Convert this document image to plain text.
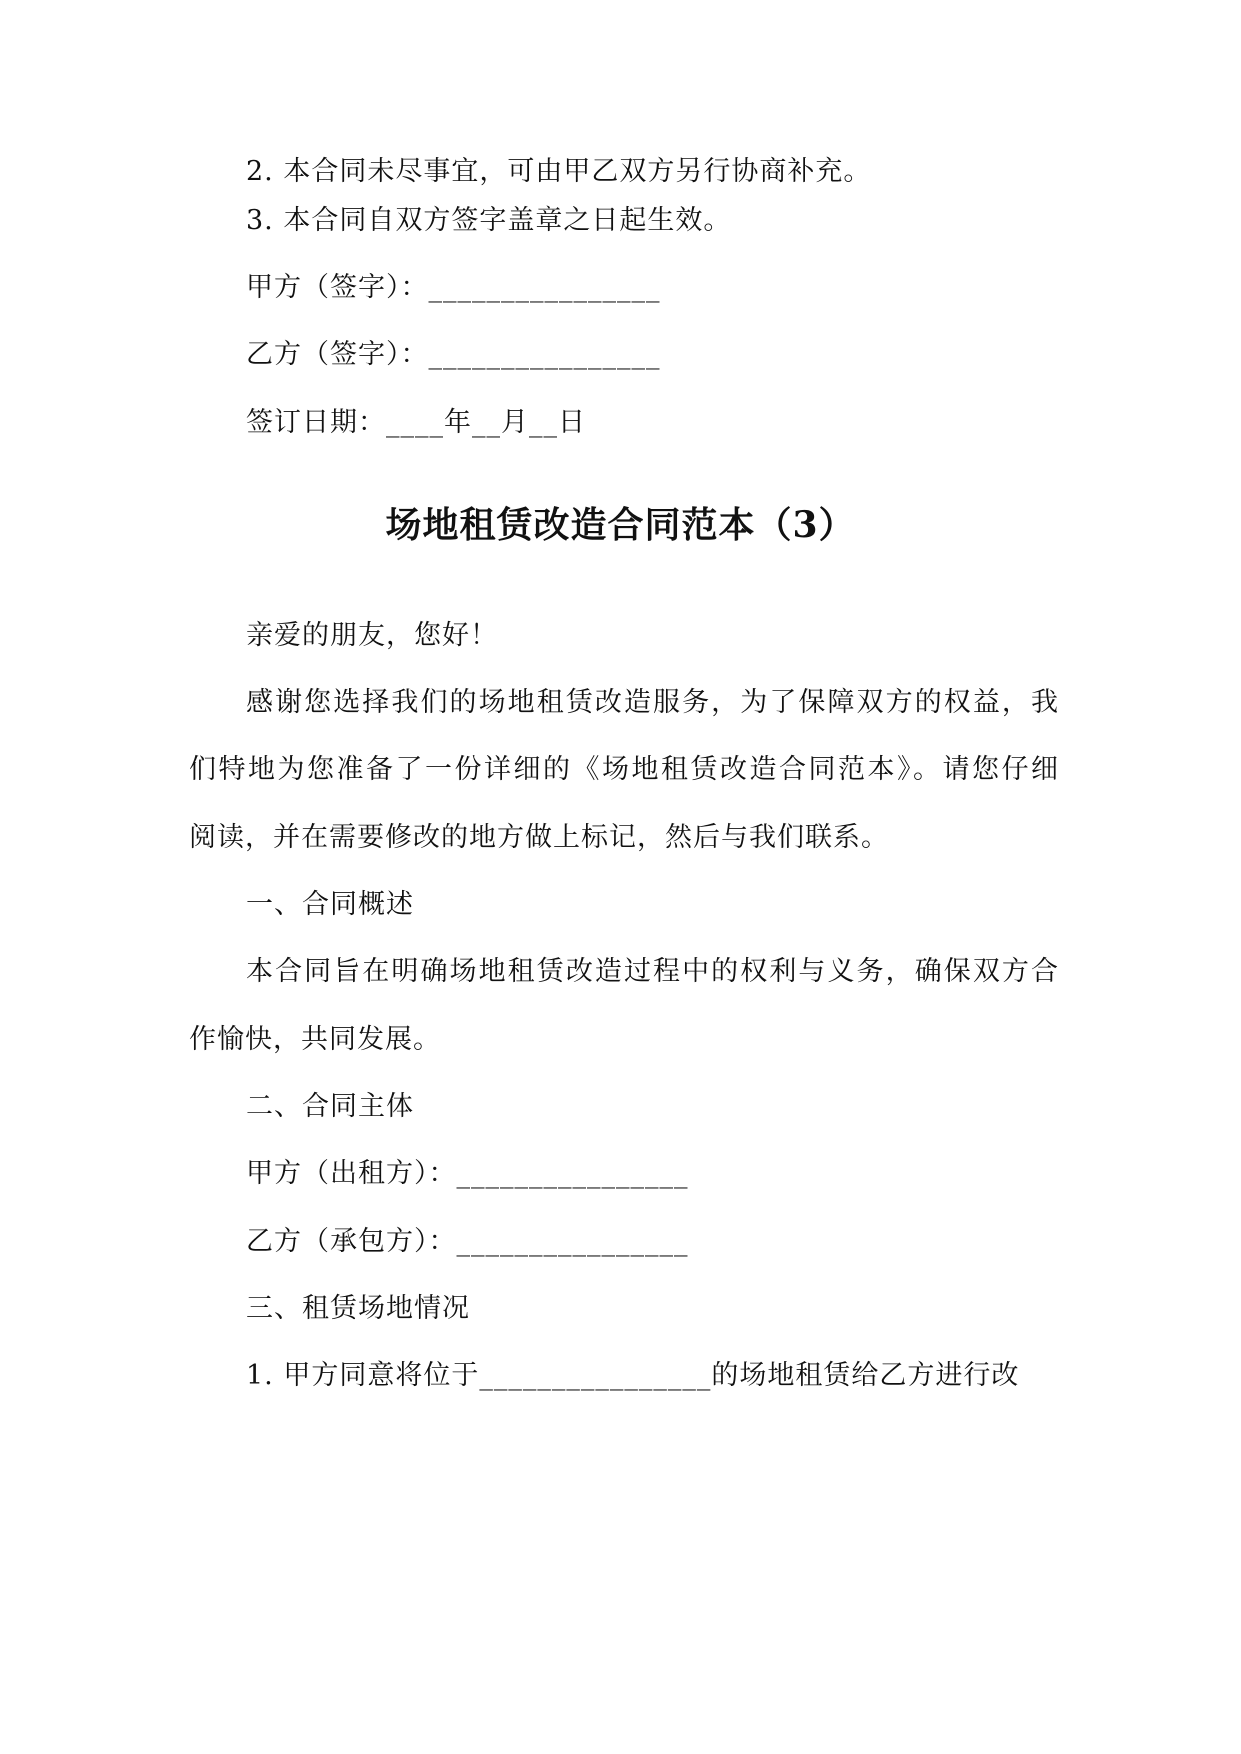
2. 本合同未尽事宜，可由甲乙双方另行协商补充。
3. 本合同自双方签字盖章之日起生效。
甲方（签字）：________________
乙方（签字）：________________
签订日期：____年__月__日
场地租赁改造合同范本（3）
亲爱的朋友，您好！
感谢您选择我们的场地租赁改造服务，为了保障双方的权益，我
们特地为您准备了一份详细的《场地租赁改造合同范本》。请您仔细
阅读，并在需要修改的地方做上标记，然后与我们联系。
一、合同概述
本合同旨在明确场地租赁改造过程中的权利与义务，确保双方合
作愉快，共同发展。
二、合同主体
甲方（出租方）：________________
乙方（承包方）：________________
三、租赁场地情况
1. 甲方同意将位于________________的场地租赁给乙方进行改
